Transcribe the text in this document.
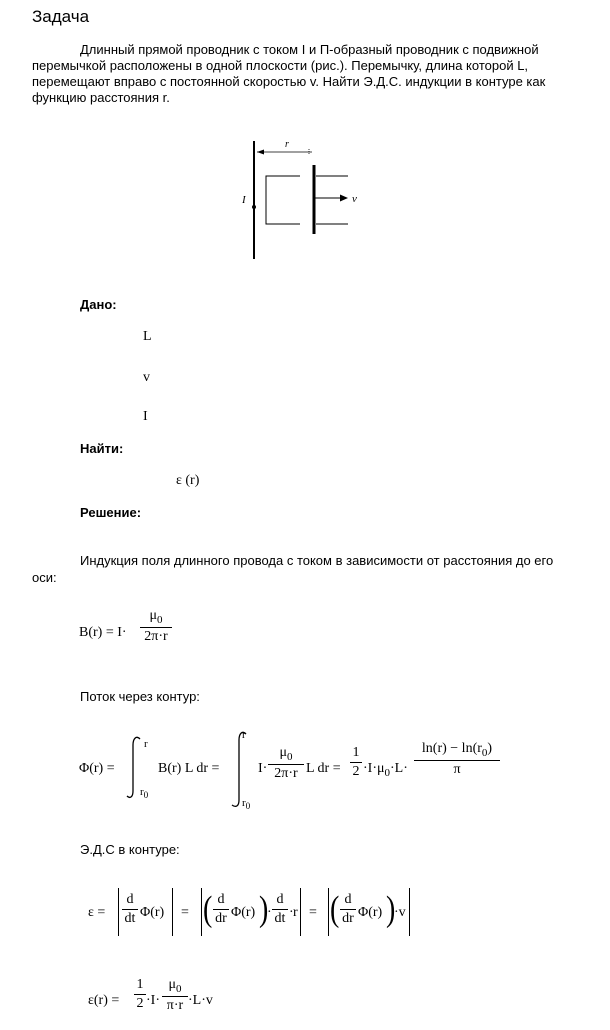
Задача
Длинный прямой проводник с током I и П-образный проводник с подвижной
перемычкой расположены в одной плоскости (рис.). Перемычку, длина которой L,
перемещают вправо с постоянной скоростью v. Найти Э.Д.С. индукции в контуре как
функцию расстояния r.
I	v
r
Дано:
L
v
I
Найти:
ε (r)
Решение:
Индукция поля длинного провода с током в зависимости от расстояния до его
оси:
B(r) = I·
$\mu_0$
2π·r
Поток через контур:
Φ(r) =
r
$r_0$
B(r) L dr =
r
$r_0$
I·
$\mu_0$
2π·r L dr =
1
$2 \cdot I\cdot\mu_0\cdot L\cdot$
$\ln(r) - \ln(r_0)$
π
Э.Д.С в контуре:
ε =
d
dt Φ(r) = ( d
dr Φ(r) )
·
d
dt · r = ( d
dr Φ(r) )
·v
ε(r) =
1
2 ·I·
$\mu_0$
π·r ·L·v
